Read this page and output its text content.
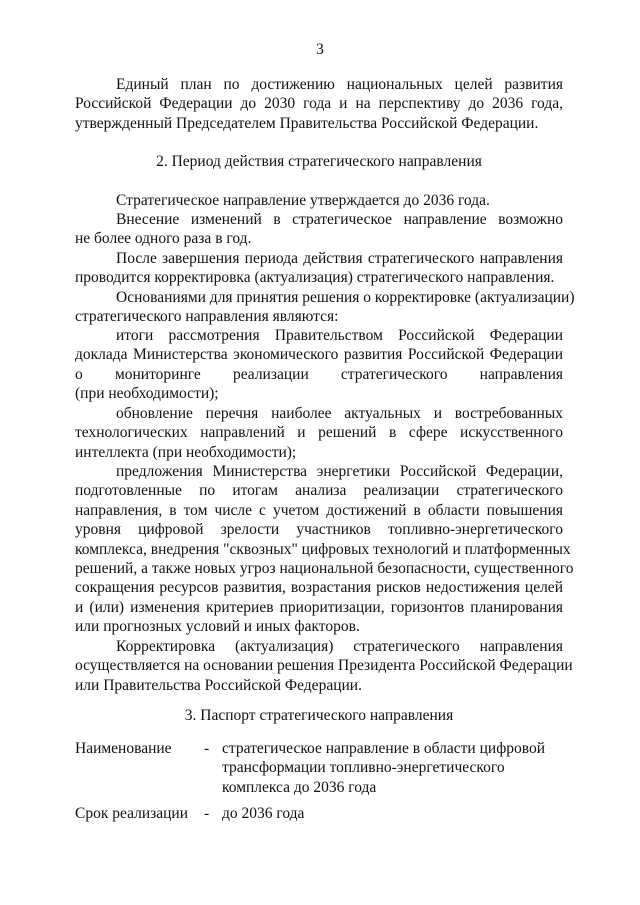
3
Единый план по достижению национальных целей развития
Российской Федерации до 2030 года и на перспективу до 2036 года,
утвержденный Председателем Правительства Российской Федерации.
2. Период действия стратегического направления
Стратегическое направление утверждается до 2036 года.
Внесение изменений в стратегическое направление возможно
не более одного раза в год.
После завершения периода действия стратегического направления
проводится корректировка (актуализация) стратегического направления.
Основаниями для принятия решения о корректировке (актуализации)
стратегического направления являются:
итоги рассмотрения Правительством Российской Федерации
доклада Министерства экономического развития Российской Федерации
о мониторинге реализации стратегического направления
(при необходимости);
обновление перечня наиболее актуальных и востребованных
технологических направлений и решений в сфере искусственного
интеллекта (при необходимости);
предложения Министерства энергетики Российской Федерации,
подготовленные по итогам анализа реализации стратегического
направления, в том числе с учетом достижений в области повышения
уровня цифровой зрелости участников топливно-энергетического
комплекса, внедрения "сквозных" цифровых технологий и платформенных
решений, а также новых угроз национальной безопасности, существенного
сокращения ресурсов развития, возрастания рисков недостижения целей
и (или) изменения критериев приоритизации, горизонтов планирования
или прогнозных условий и иных факторов.
Корректировка (актуализация) стратегического направления
осуществляется на основании решения Президента Российской Федерации
или Правительства Российской Федерации.
3. Паспорт стратегического направления
Наименование - стратегическое направление в области цифровой
трансформации топливно-энергетического
комплекса до 2036 года
Срок реализации - до 2036 года
